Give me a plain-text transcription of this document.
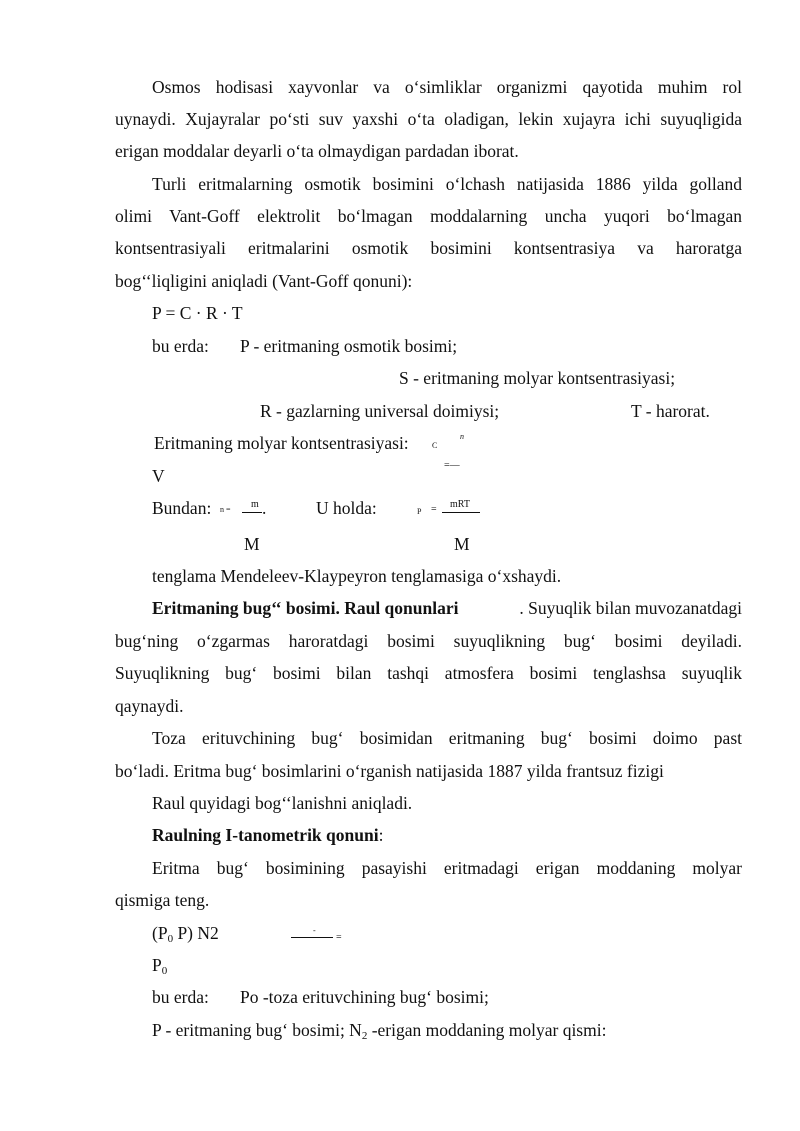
Osmos hodisasi xayvonlar va o‘simliklar organizmi qayotida muhim rol
uynaydi. Xujayralar po‘sti suv yaxshi o‘ta oladigan, lekin xujayra ichi suyuqligida
erigan moddalar deyarli o‘ta olmaydigan pardadan iborat.
Turli eritmalarning osmotik bosimini o‘lchash natijasida 1886 yilda golland
olimi Vant-Goff elektrolit bo‘lmagan moddalarning uncha yuqori bo‘lmagan
kontsentrasiyali eritmalarini osmotik bosimini kontsentrasiya va haroratga
bog‘‘liqligini aniqladi (Vant-Goff qonuni):
P = C · R · T
bu erda: P - eritmaning osmotik bosimi;
S - eritmaning molyar kontsentrasiyasi;
R - gazlarning universal doimiysi;	T - harorat.
Eritmaning molyar kontsentrasiyasi:	C
n
=—
V
Bundan: n = m .	U holda:	P = mRT
M	M
tenglama Mendeleev-Klaypeyron tenglamasiga o‘xshaydi.
Eritmaning bug‘‘ bosimi. Raul qonunlari	. Suyuqlik bilan muvozanatdagi
bug‘ning o‘zgarmas haroratdagi bosimi suyuqlikning bug‘ bosimi deyiladi.
Suyuqlikning bug‘ bosimi bilan tashqi atmosfera bosimi tenglashsa suyuqlik
qaynaydi.
Toza erituvchining bug‘ bosimidan eritmaning bug‘ bosimi doimo past
bo‘ladi. Eritma bug‘ bosimlarini o‘rganish natijasida 1887 yilda frantsuz fizigi
Raul quyidagi bog‘‘lanishni aniqladi.
Raulning I-tanometrik qonuni:
Eritma bug‘ bosimining pasayishi eritmadagi erigan moddaning molyar
qismiga teng.
($P_0$ P) N2	-
=
$P_0$
bu erda: Po -toza erituvchining bug‘ bosimi;
P - eritmaning bug‘ bosimi; $N_2$ -erigan moddaning molyar qismi:
